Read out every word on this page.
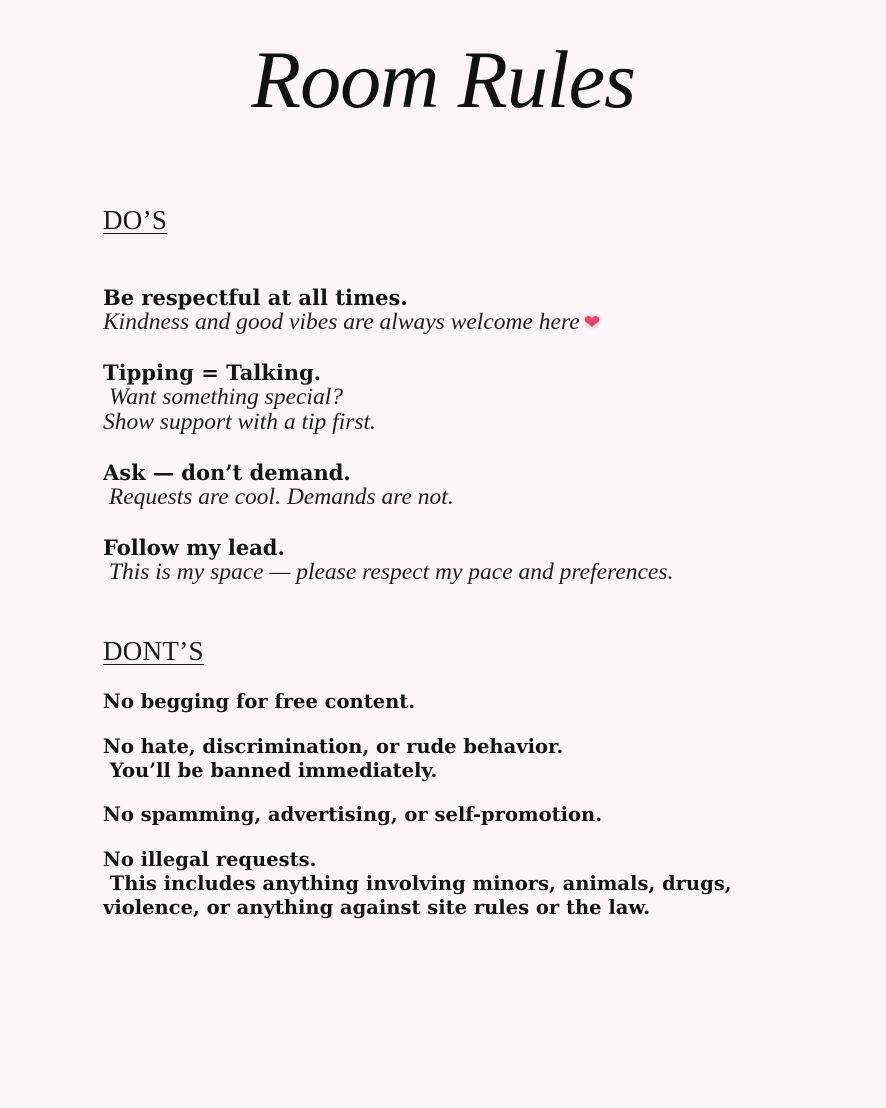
Room Rules
DO’S
Be respectful at all times.
Kindness and good vibes are always welcome here ❤
Tipping = Talking.
Want something special?
Show support with a tip first.
Ask — don’t demand.
Requests are cool. Demands are not.
Follow my lead.
This is my space — please respect my pace and preferences.
DONT’S
No begging for free content.
No hate, discrimination, or rude behavior.
You’ll be banned immediately.
No spamming, advertising, or self-promotion.
No illegal requests.
This includes anything involving minors, animals, drugs,
violence, or anything against site rules or the law.
